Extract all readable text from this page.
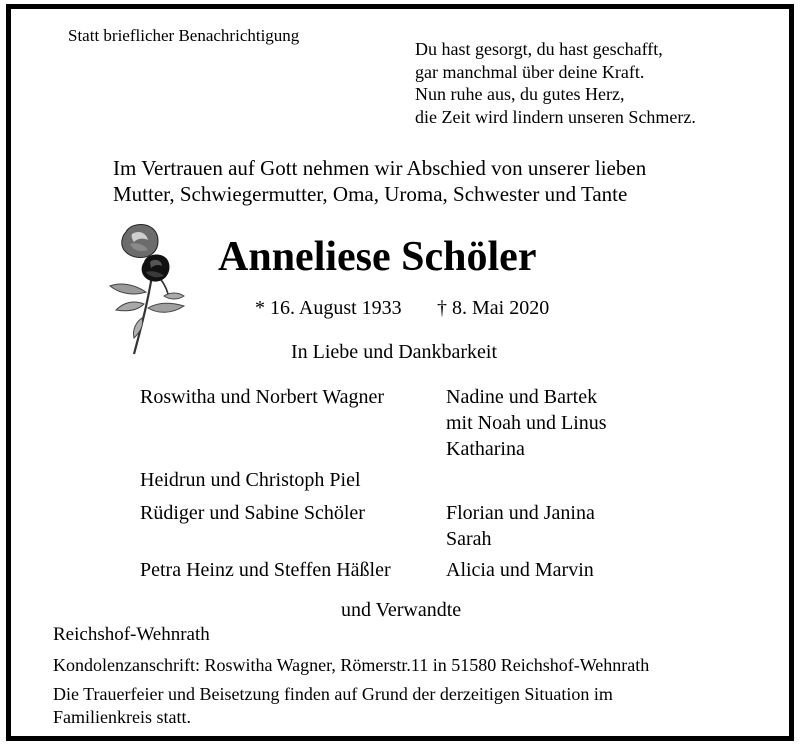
Statt brieflicher Benachrichtigung
Du hast gesorgt, du hast geschafft,
gar manchmal über deine Kraft.
Nun ruhe aus, du gutes Herz,
die Zeit wird lindern unseren Schmerz.
Im Vertrauen auf Gott nehmen wir Abschied von unserer lieben
Mutter, Schwiegermutter, Oma, Uroma, Schwester und Tante
Anneliese Schöler
* 16. August 1933 † 8. Mai 2020
In Liebe und Dankbarkeit
Roswitha und Norbert Wagner	Nadine und Bartek
mit Noah und Linus
Katharina
Heidrun und Christoph Piel
Rüdiger und Sabine Schöler	Florian und Janina
Sarah
Petra Heinz und Steffen Häßler	Alicia und Marvin
und Verwandte
Reichshof-Wehnrath
Kondolenzanschrift: Roswitha Wagner, Römerstr.11 in 51580 Reichshof-Wehnrath
Die Trauerfeier und Beisetzung finden auf Grund der derzeitigen Situation im
Familienkreis statt.
